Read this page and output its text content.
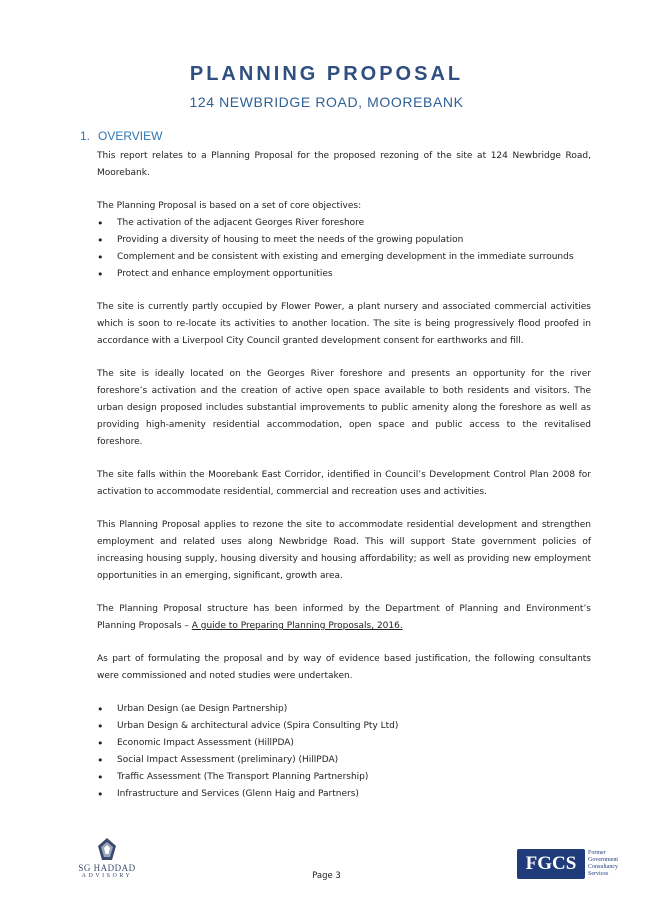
PLANNING PROPOSAL
124 NEWBRIDGE ROAD, MOOREBANK
1. OVERVIEW

This report relates to a Planning Proposal for the proposed rezoning of the site at 124 Newbridge Road, Moorebank.

The Planning Proposal is based on a set of core objectives:

• The activation of the adjacent Georges River foreshore
• Providing a diversity of housing to meet the needs of the growing population
• Complement and be consistent with existing and emerging development in the immediate surrounds
• Protect and enhance employment opportunities

The site is currently partly occupied by Flower Power, a plant nursery and associated commercial activities which is soon to re-locate its activities to another location. The site is being progressively flood proofed in accordance with a Liverpool City Council granted development consent for earthworks and fill.

The site is ideally located on the Georges River foreshore and presents an opportunity for the river foreshore’s activation and the creation of active open space available to both residents and visitors. The urban design proposed includes substantial improvements to public amenity along the foreshore as well as providing high-amenity residential accommodation, open space and public access to the revitalised foreshore.

The site falls within the Moorebank East Corridor, identified in Council’s Development Control Plan 2008 for activation to accommodate residential, commercial and recreation uses and activities.

This Planning Proposal applies to rezone the site to accommodate residential development and strengthen employment and related uses along Newbridge Road. This will support State government policies of increasing housing supply, housing diversity and housing affordability; as well as providing new employment opportunities in an emerging, significant, growth area.

The Planning Proposal structure has been informed by the Department of Planning and Environment’s Planning Proposals – A guide to Preparing Planning Proposals, 2016.

As part of formulating the proposal and by way of evidence based justification, the following consultants were commissioned and noted studies were undertaken.

• Urban Design (ae Design Partnership)
• Urban Design & architectural advice (Spira Consulting Pty Ltd)
• Economic Impact Assessment (HillPDA)
• Social Impact Assessment (preliminary) (HillPDA)
• Traffic Assessment (The Transport Planning Partnership)
• Infrastructure and Services (Glenn Haig and Partners)
SG HADDAD
ADVISORY	Page 3
FGCS	Former
Government
Consultancy
Services
